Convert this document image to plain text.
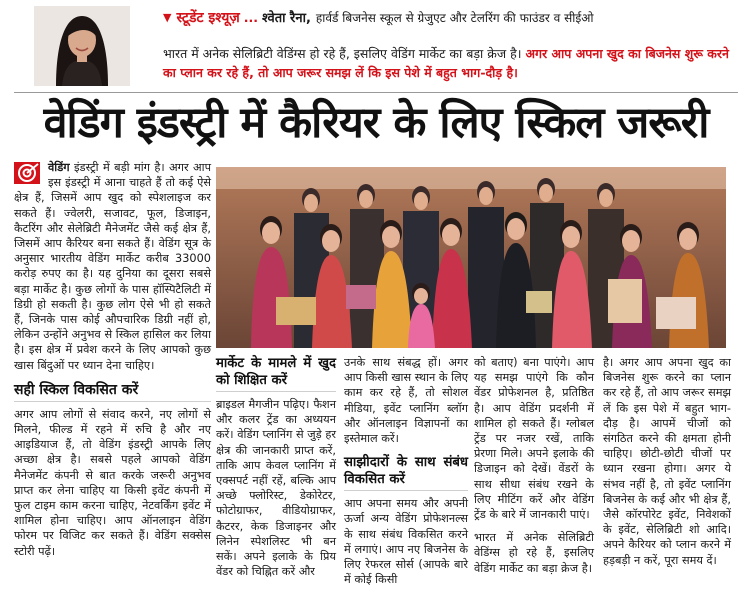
▼ स्टूडेंट इश्यूज़ ... श्वेता रैना, हार्वर्ड बिजनेस स्कूल से ग्रेजुएट और टेलरिंग की फाउंडर व सीईओ
भारत में अनेक सेलिब्रिटी वेडिंग्स हो रहे हैं, इसलिए वेडिंग मार्केट का बड़ा क्रेज है। अगर आप अपना खुद का बिजनेस शुरू करने का प्लान कर रहे हैं, तो आप जरूर समझ लें कि इस पेशे में बहुत भाग-दौड़ है।
वेडिंग इंडस्ट्री में कैरियर के लिए स्किल जरूरी
वेडिंग इंडस्ट्री में बड़ी मांग है। अगर आप इस इंडस्ट्री में आना चाहते हैं तो कई ऐसे क्षेत्र हैं, जिसमें आप खुद को स्पेशलाइज कर सकते हैं। ज्वेलरी, सजावट, फूल, डिजाइन, कैटरिंग और सेलेब्रिटी मैनेजमेंट जैसे कई क्षेत्र हैं, जिसमें आप कैरियर बना सकते हैं। वेडिंग सूत्र के अनुसार भारतीय वेडिंग मार्केट करीब 33000 करोड़ रुपए का है। यह दुनिया का दूसरा सबसे बड़ा मार्केट है। कुछ लोगों के पास हॉस्पिटैलिटी में डिग्री हो सकती है। कुछ लोग ऐसे भी हो सकते हैं, जिनके पास कोई औपचारिक डिग्री नहीं हो, लेकिन उन्होंने अनुभव से स्किल हासिल कर लिया है। इस क्षेत्र में प्रवेश करने के लिए आपको कुछ खास बिंदुओं पर ध्यान देना चाहिए।
सही स्किल विकसित करें
अगर आप लोगों से संवाद करने, नए लोगों से मिलने, फील्ड में रहने में रुचि है और नए आइडियाज हैं, तो वेडिंग इंडस्ट्री आपके लिए अच्छा क्षेत्र है। सबसे पहले आपको वेडिंग मैनेजमेंट कंपनी से बात करके जरूरी अनुभव प्राप्त कर लेना चाहिए या किसी इवेंट कंपनी में फुल टाइम काम करना चाहिए, नेटवर्किंग इवेंट में शामिल होना चाहिए। आप ऑनलाइन वेडिंग फोरम पर विजिट कर सकते हैं। वेडिंग सक्सेस स्टोरी पढ़ें।
मार्केट के मामले में खुद को शिक्षित करें
ब्राइडल मैगजीन पढ़िए। फैशन और कलर ट्रेंड का अध्ययन करें। वेडिंग प्लानिंग से जुड़े हर क्षेत्र की जानकारी प्राप्त करें, ताकि आप केवल प्लानिंग में एक्सपर्ट नहीं रहें, बल्कि आप अच्छे फ्लोरिस्ट, डेकोरेटर, फोटोग्राफर, वीडियोग्राफर, कैटरर, केक डिजाइनर और लिनेन स्पेशलिस्ट भी बन सकें। अपने इलाके के प्रिय वेंडर को चिह्नित करें और
उनके साथ संबद्ध हों। अगर आप किसी खास स्थान के लिए काम कर रहे हैं, तो सोशल मीडिया, इवेंट प्लानिंग ब्लॉग और ऑनलाइन विज्ञापनों का इस्तेमाल करें।
साझीदारों के साथ संबंध विकसित करें
आप अपना समय और अपनी ऊर्जा अन्य वेडिंग प्रोफेशनल्स के साथ संबंध विकसित करने में लगाएं। आप नए बिजनेस के लिए रेफरल सोर्स (आपके बारे में कोई किसी
को बताए) बना पाएंगे। आप यह समझ पाएंगे कि कौन वेंडर प्रोफेशनल है, प्रतिष्ठित है। आप वेडिंग प्रदर्शनी में शामिल हो सकते हैं। ग्लोबल ट्रेंड पर नजर रखें, ताकि प्रेरणा मिले। अपने इलाके की डिजाइन को देखें। वेंडरों के साथ सीधा संबंध रखने के लिए मीटिंग करें और वेडिंग ट्रेंड के बारे में जानकारी पाएं।
भारत में अनेक सेलिब्रिटी वेडिंग्स हो रहे हैं, इसलिए वेडिंग मार्केट का बड़ा क्रेज है।
है। अगर आप अपना खुद का बिजनेस शुरू करने का प्लान कर रहे हैं, तो आप जरूर समझ लें कि इस पेशे में बहुत भाग-दौड़ है। आपमें चीजों को संगठित करने की क्षमता होनी चाहिए। छोटी-छोटी चीजों पर ध्यान रखना होगा। अगर ये संभव नहीं है, तो इवेंट प्लानिंग बिजनेस के कई और भी क्षेत्र हैं, जैसे कॉरपोरेट इवेंट, निवेशकों के इवेंट, सेलिब्रिटी शो आदि। अपने कैरियर को प्लान करने में हड़बड़ी न करें, पूरा समय दें।
